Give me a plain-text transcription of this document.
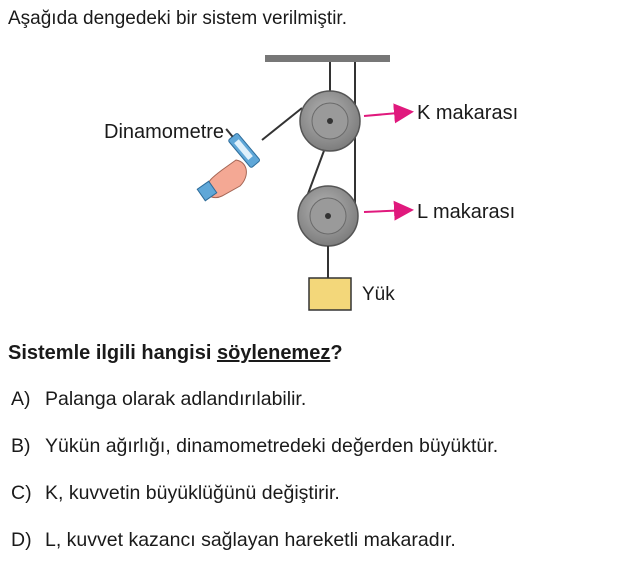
Aşağıda dengedeki bir sistem verilmiştir.
Dinamometre
K makarası
L makarası
Yük
Sistemle ilgili hangisi söylenemez?
A) Palanga olarak adlandırılabilir.
B) Yükün ağırlığı, dinamometredeki değerden büyüktür.
C) K, kuvvetin büyüklüğünü değiştirir.
D) L, kuvvet kazancı sağlayan hareketli makaradır.
